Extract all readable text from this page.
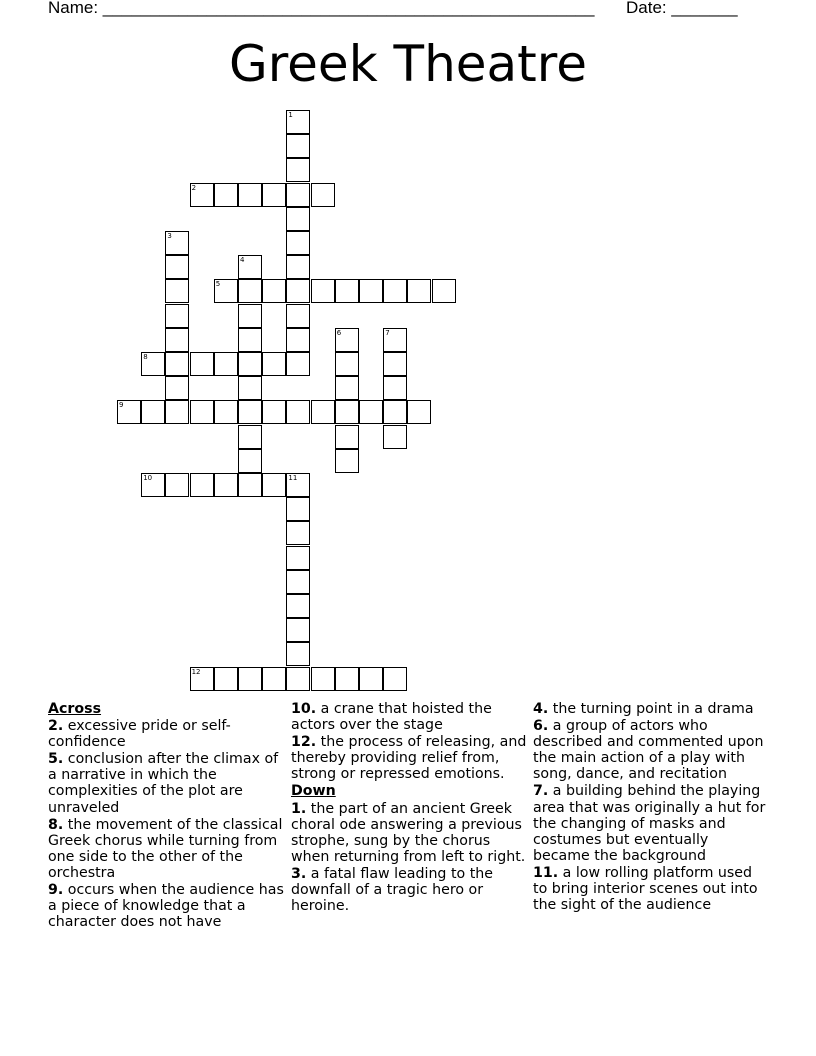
Name: ____________________________________________________ Date: _______
Greek Theatre
1
2
3
4
5
6	7
8
9
10	11
12
Across
2. excessive pride or self-confidence
5. conclusion after the climax of a narrative in which the complexities of the plot are unraveled
8. the movement of the classical Greek chorus while turning from one side to the other of the orchestra
9. occurs when the audience has a piece of knowledge that a character does not have
10. a crane that hoisted the actors over the stage
12. the process of releasing, and thereby providing relief from, strong or repressed emotions.
Down
1. the part of an ancient Greek choral ode answering a previous strophe, sung by the chorus when returning from left to right.
3. a fatal flaw leading to the downfall of a tragic hero or heroine.
4. the turning point in a drama
6. a group of actors who described and commented upon the main action of a play with song, dance, and recitation
7. a building behind the playing area that was originally a hut for the changing of masks and costumes but eventually became the background
11. a low rolling platform used to bring interior scenes out into the sight of the audience
